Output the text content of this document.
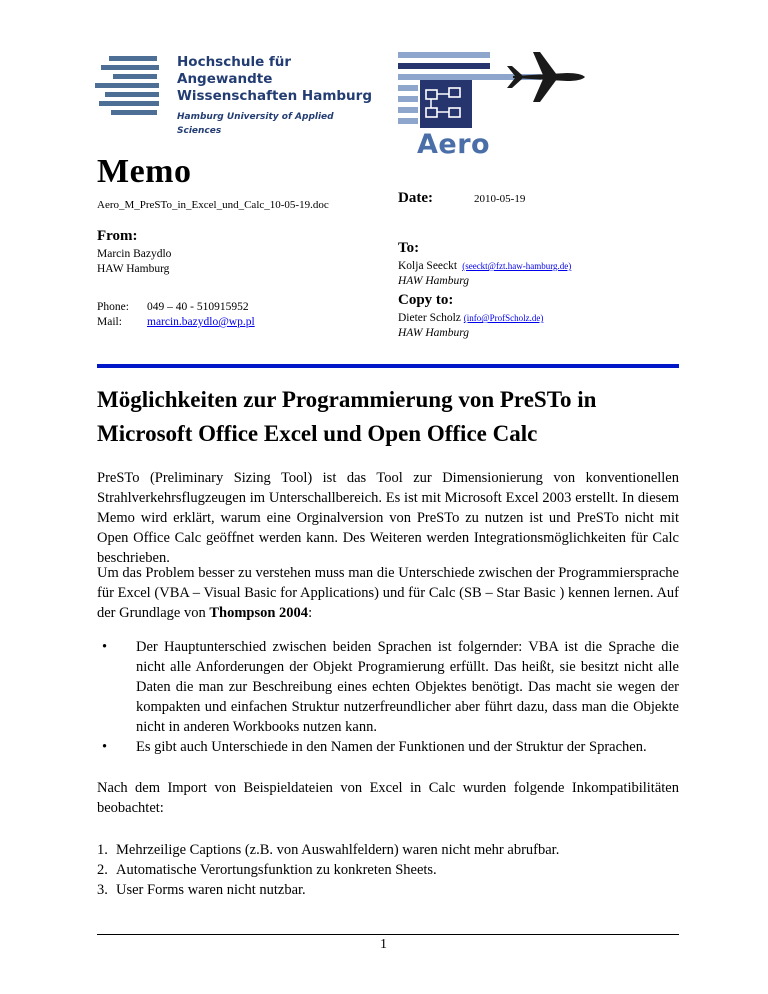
Hochschule für Angewandte
Wissenschaften Hamburg
Hamburg University of Applied Sciences	Aero
Memo
Aero_M_PreSTo_in_Excel_und_Calc_10-05-19.doc	Date:	2010-05-19
From:
Marcin Bazydlo
HAW Hamburg
To:
Kolja Seeckt (seeckt@fzt.haw-hamburg.de)
HAW Hamburg
Phone: 049 – 40 - 510915952
Mail: marcin.bazydlo@wp.pl
Copy to:
Dieter Scholz (info@ProfScholz.de)
HAW Hamburg
Möglichkeiten zur Programmierung von PreSTo in
Microsoft Office Excel und Open Office Calc
PreSTo (Preliminary Sizing Tool) ist das Tool zur Dimensionierung von konventionellen Strahlverkehrsflugzeugen im Unterschallbereich. Es ist mit Microsoft Excel 2003 erstellt. In diesem Memo wird erklärt, warum eine Orginalversion von PreSTo zu nutzen ist und PreSTo nicht mit Open Office Calc geöffnet werden kann. Des Weiteren werden Integrationsmöglichkeiten für Calc beschrieben.
Um das Problem besser zu verstehen muss man die Unterschiede zwischen der Programmiersprache für Excel (VBA – Visual Basic for Applications) und für Calc (SB – Star Basic ) kennen lernen. Auf der Grundlage von Thompson 2004:
• Der Hauptunterschied zwischen beiden Sprachen ist folgernder: VBA ist die Sprache die nicht alle Anforderungen der Objekt Programierung erfüllt. Das heißt, sie besitzt nicht alle Daten die man zur Beschreibung eines echten Objektes benötigt. Das macht sie wegen der kompakten und einfachen Struktur nutzerfreundlicher aber führt dazu, dass man die Objekte nicht in anderen Workbooks nutzen kann.
• Es gibt auch Unterschiede in den Namen der Funktionen und der Struktur der Sprachen.
Nach dem Import von Beispieldateien von Excel in Calc wurden folgende Inkompatibilitäten beobachtet:
1. Mehrzeilige Captions (z.B. von Auswahlfeldern) waren nicht mehr abrufbar.
2. Automatische Verortungsfunktion zu konkreten Sheets.
3. User Forms waren nicht nutzbar.
1
